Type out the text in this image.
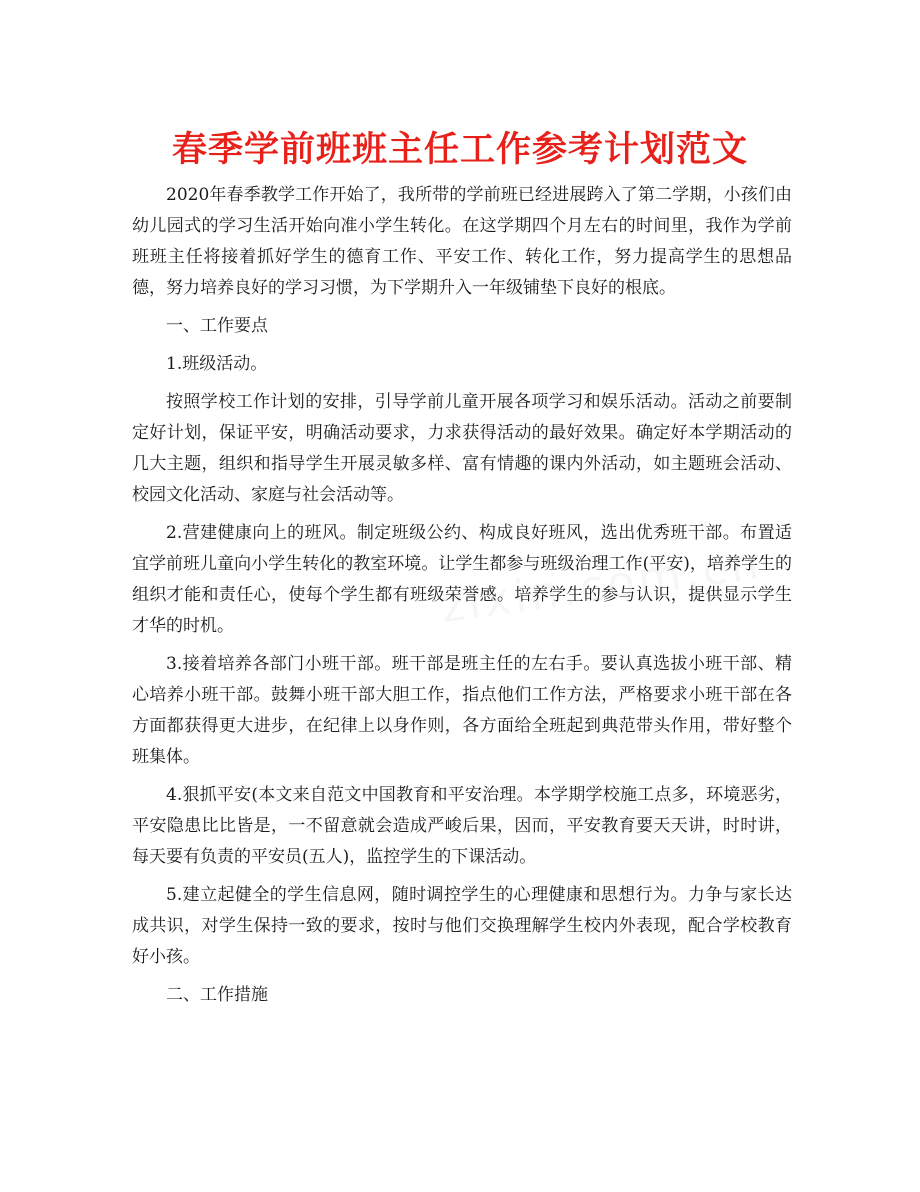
春季学前班班主任工作参考计划范文

2020年春季教学工作开始了，我所带的学前班已经进展跨入了第二学期，小孩们由幼儿园式的学习生活开始向准小学生转化。在这学期四个月左右的时间里，我作为学前班班主任将接着抓好学生的德育工作、平安工作、转化工作，努力提高学生的思想品德，努力培养良好的学习习惯，为下学期升入一年级铺垫下良好的根底。

一、工作要点

1.班级活动。

按照学校工作计划的安排，引导学前儿童开展各项学习和娱乐活动。活动之前要制定好计划，保证平安，明确活动要求，力求获得活动的最好效果。确定好本学期活动的几大主题，组织和指导学生开展灵敏多样、富有情趣的课内外活动，如主题班会活动、校园文化活动、家庭与社会活动等。

2.营建健康向上的班风。制定班级公约、构成良好班风，选出优秀班干部。布置适宜学前班儿童向小学生转化的教室环境。让学生都参与班级治理工作(平安)，培养学生的组织才能和责任心，使每个学生都有班级荣誉感。培养学生的参与认识，提供显示学生才华的时机。

3.接着培养各部门小班干部。班干部是班主任的左右手。要认真选拔小班干部、精心培养小班干部。鼓舞小班干部大胆工作，指点他们工作方法，严格要求小班干部在各方面都获得更大进步，在纪律上以身作则，各方面给全班起到典范带头作用，带好整个班集体。

4.狠抓平安(本文来自范文中国教育和平安治理。本学期学校施工点多，环境恶劣，平安隐患比比皆是，一不留意就会造成严峻后果，因而，平安教育要天天讲，时时讲，每天要有负责的平安员(五人)，监控学生的下课活动。

5.建立起健全的学生信息网，随时调控学生的心理健康和思想行为。力争与家长达成共识，对学生保持一致的要求，按时与他们交换理解学生校内外表现，配合学校教育好小孩。

二、工作措施
